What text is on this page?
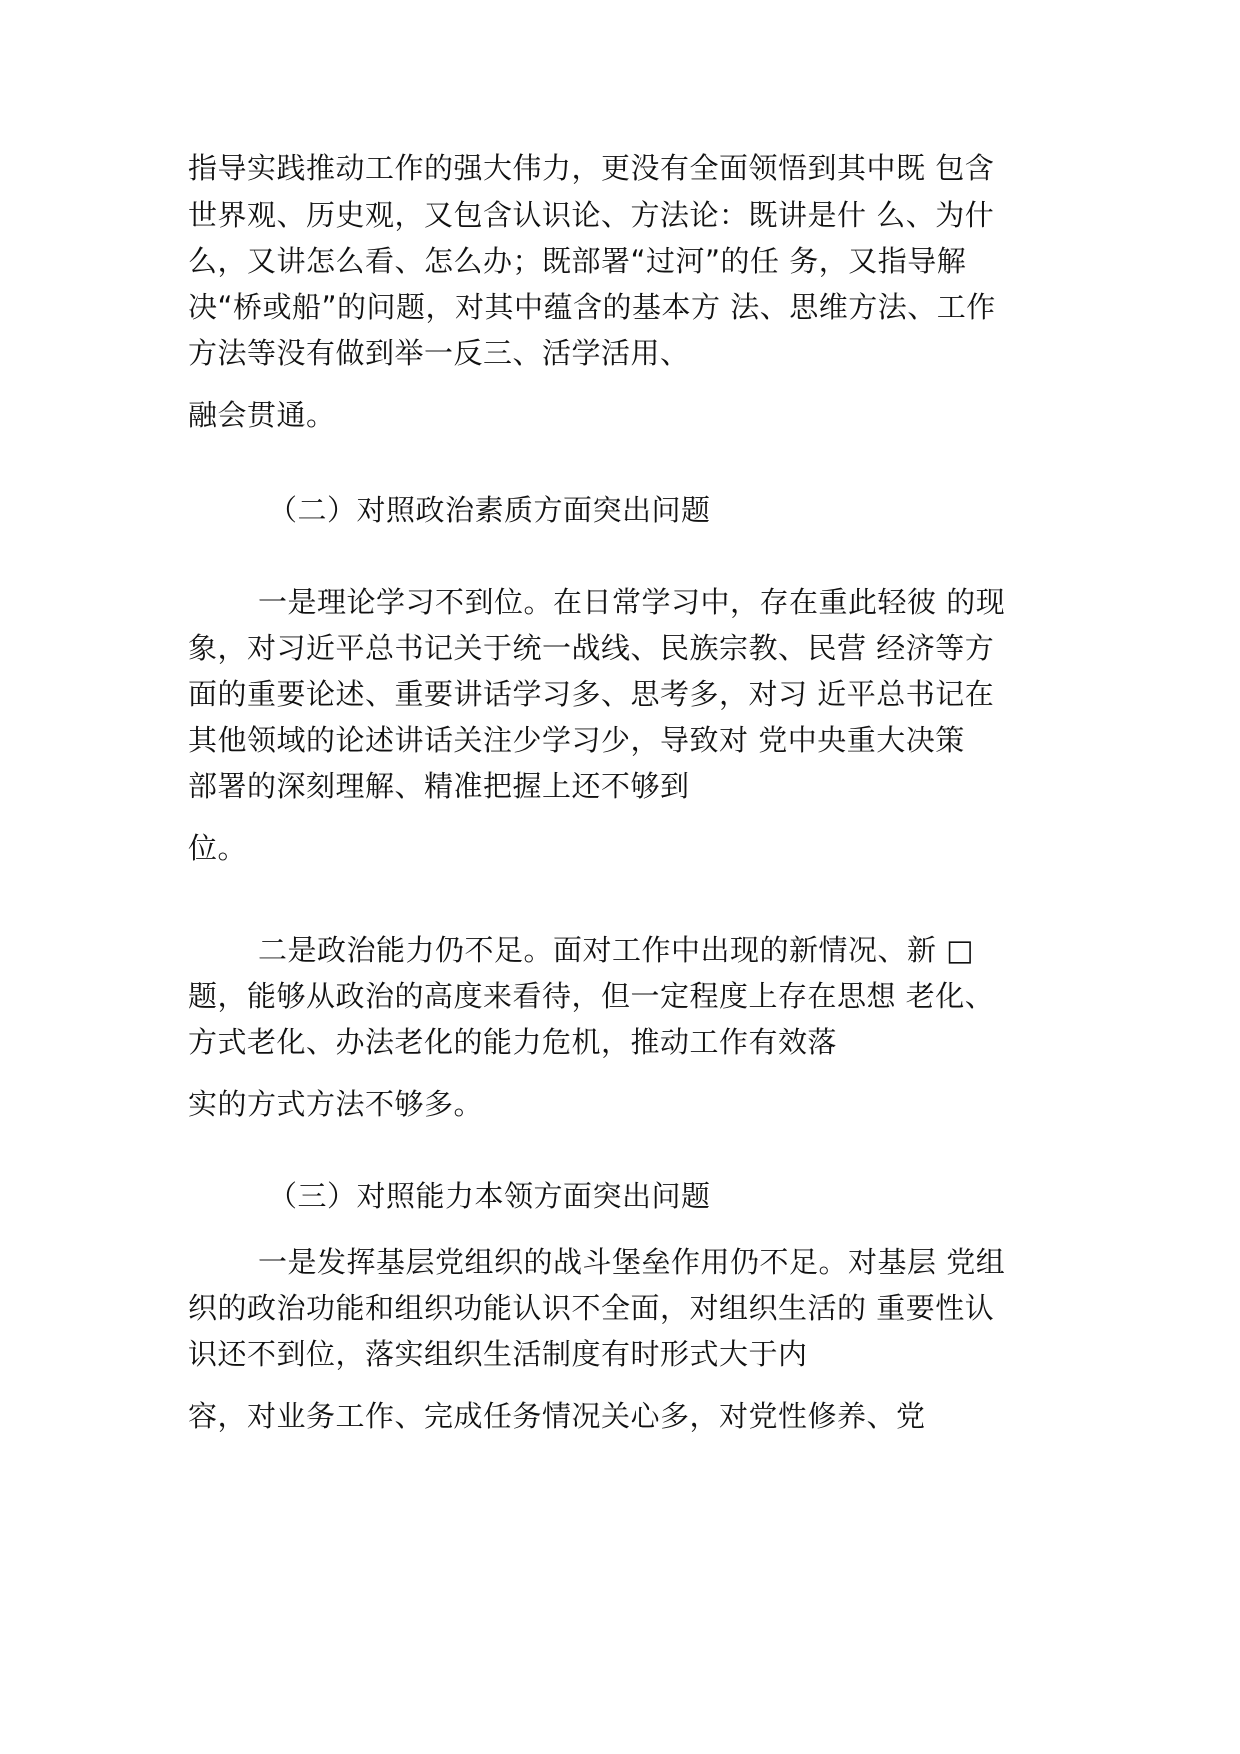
指导实践推动工作的强大伟力，更没有全面领悟到其中既 包含
世界观、历史观，又包含认识论、方法论：既讲是什 么、为什
么，又讲怎么看、怎么办；既部署“过河”的任 务，又指导解
决“桥或船”的问题，对其中蕴含的基本方 法、思维方法、工作
方法等没有做到举一反三、活学活用、
融会贯通。
（二）对照政治素质方面突出问题
一是理论学习不到位。在日常学习中，存在重此轻彼 的现
象，对习近平总书记关于统一战线、民族宗教、民营 经济等方
面的重要论述、重要讲话学习多、思考多，对习 近平总书记在
其他领域的论述讲话关注少学习少，导致对 党中央重大决策
部署的深刻理解、精准把握上还不够到
位。
二是政治能力仍不足。面对工作中出现的新情况、新 □
题，能够从政治的高度来看待，但一定程度上存在思想 老化、
方式老化、办法老化的能力危机，推动工作有效落
实的方式方法不够多。
（三）对照能力本领方面突出问题
一是发挥基层党组织的战斗堡垒作用仍不足。对基层 党组
织的政治功能和组织功能认识不全面，对组织生活的 重要性认
识还不到位，落实组织生活制度有时形式大于内
容，对业务工作、完成任务情况关心多，对党性修养、党
